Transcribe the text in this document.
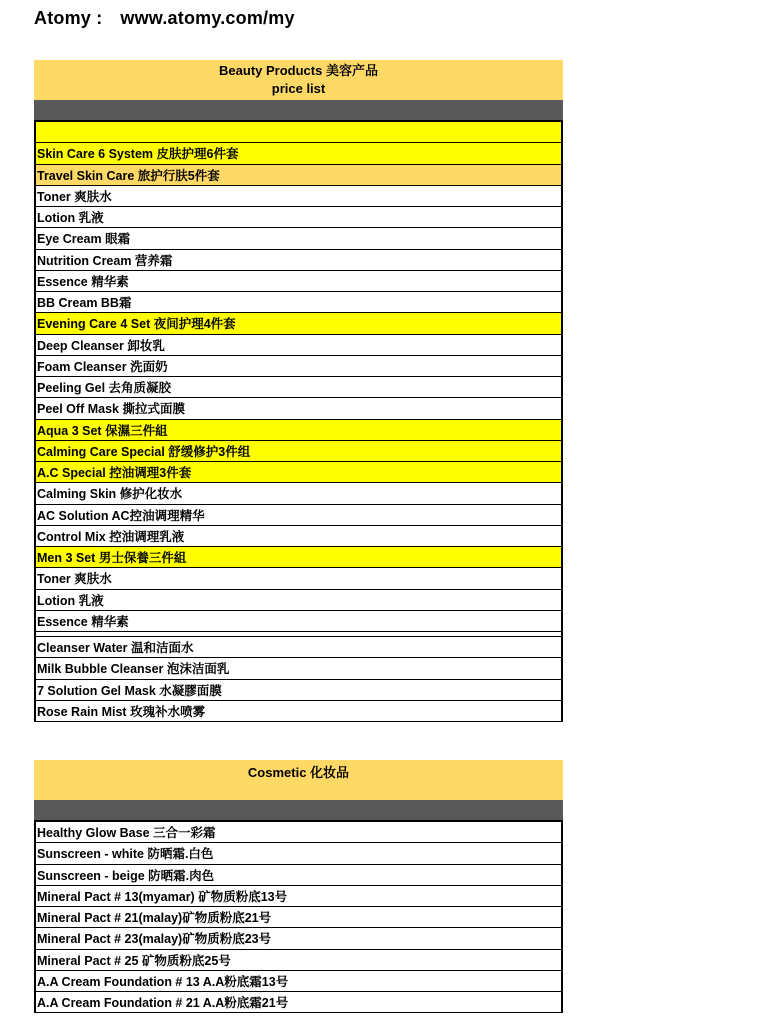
Atomy : www.atomy.com/my
Beauty Products 美容产品
price list
Skin Care 6 System 皮肤护理6件套
Travel Skin Care 旅护行肤5件套
Toner 爽肤水
Lotion 乳液
Eye Cream 眼霜
Nutrition Cream 营养霜
Essence 精华素
BB Cream BB霜
Evening Care 4 Set 夜间护理4件套
Deep Cleanser 卸妆乳
Foam Cleanser 洗面奶
Peeling Gel 去角质凝胶
Peel Off Mask 撕拉式面膜
Aqua 3 Set 保濕三件組
Calming Care Special 舒缓修护3件组
A.C Special 控油调理3件套
Calming Skin 修护化妆水
AC Solution AC控油调理精华
Control Mix 控油调理乳液
Men 3 Set 男士保養三件組
Toner 爽肤水
Lotion 乳液
Essence 精华素
Cleanser Water 温和洁面水
Milk Bubble Cleanser 泡沫洁面乳
7 Solution Gel Mask 水凝膠面膜
Rose Rain Mist 玫瑰补水喷雾
Cosmetic 化妆品
Healthy Glow Base 三合一彩霜
Sunscreen - white 防晒霜.白色
Sunscreen - beige 防晒霜.肉色
Mineral Pact # 13(myamar) 矿物质粉底13号
Mineral Pact # 21(malay)矿物质粉底21号
Mineral Pact # 23(malay)矿物质粉底23号
Mineral Pact # 25 矿物质粉底25号
A.A Cream Foundation # 13 A.A粉底霜13号
A.A Cream Foundation # 21 A.A粉底霜21号
